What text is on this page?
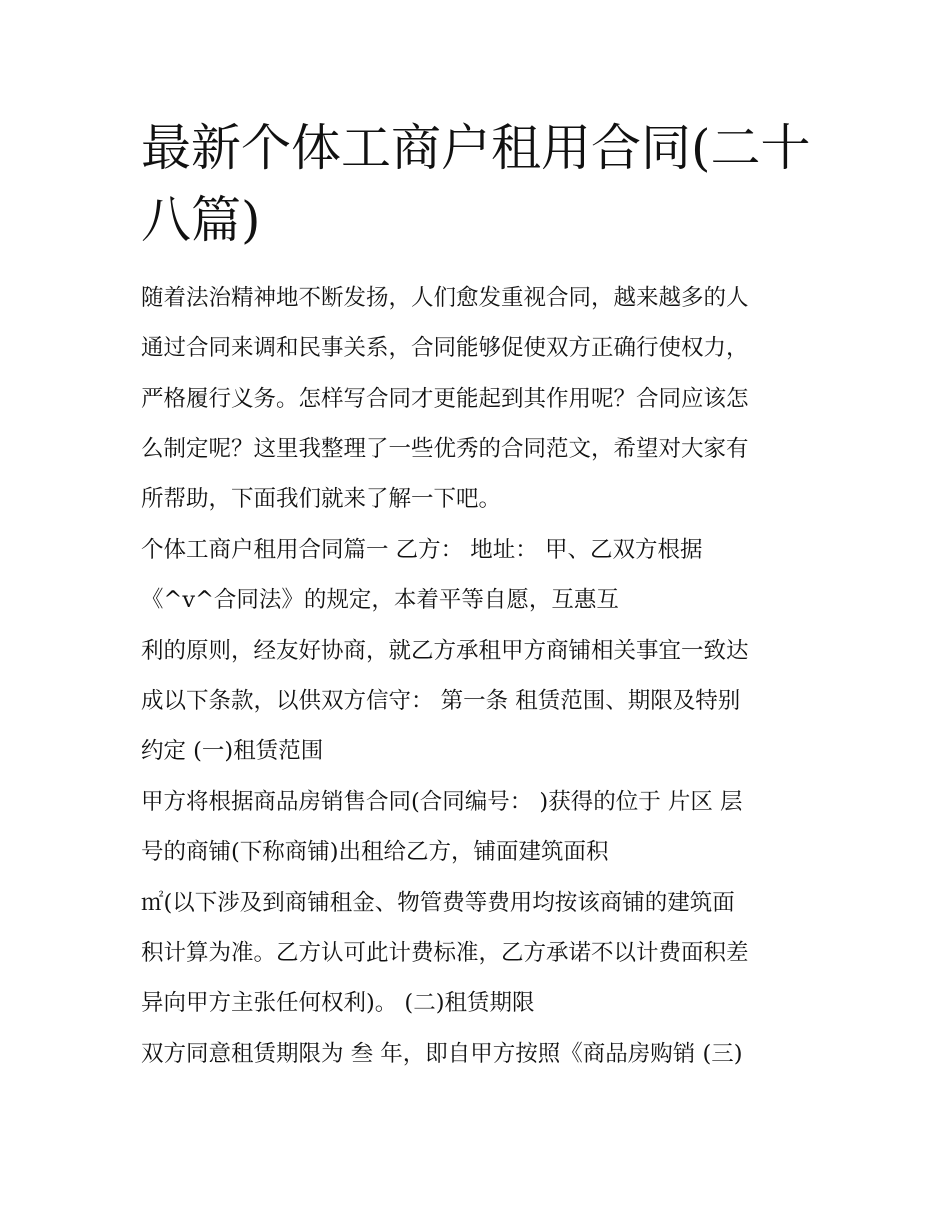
最新个体工商户租用合同(二十
八篇)

随着法治精神地不断发扬，人们愈发重视合同，越来越多的人

通过合同来调和民事关系，合同能够促使双方正确行使权力，

严格履行义务。怎样写合同才更能起到其作用呢？合同应该怎

么制定呢？这里我整理了一些优秀的合同范文，希望对大家有

所帮助，下面我们就来了解一下吧。

个体工商户租用合同篇一 乙方： 地址： 甲、乙双方根据

《^v^合同法》的规定，本着平等自愿，互惠互

利的原则，经友好协商，就乙方承租甲方商铺相关事宜一致达

成以下条款，以供双方信守： 第一条 租赁范围、期限及特别

约定 (一)租赁范围

甲方将根据商品房销售合同(合同编号： )获得的位于 片区 层

号的商铺(下称商铺)出租给乙方，铺面建筑面积

㎡(以下涉及到商铺租金、物管费等费用均按该商铺的建筑面

积计算为准。乙方认可此计费标准，乙方承诺不以计费面积差

异向甲方主张任何权利)。 (二)租赁期限

双方同意租赁期限为 叁 年，即自甲方按照《商品房购销 (三)
